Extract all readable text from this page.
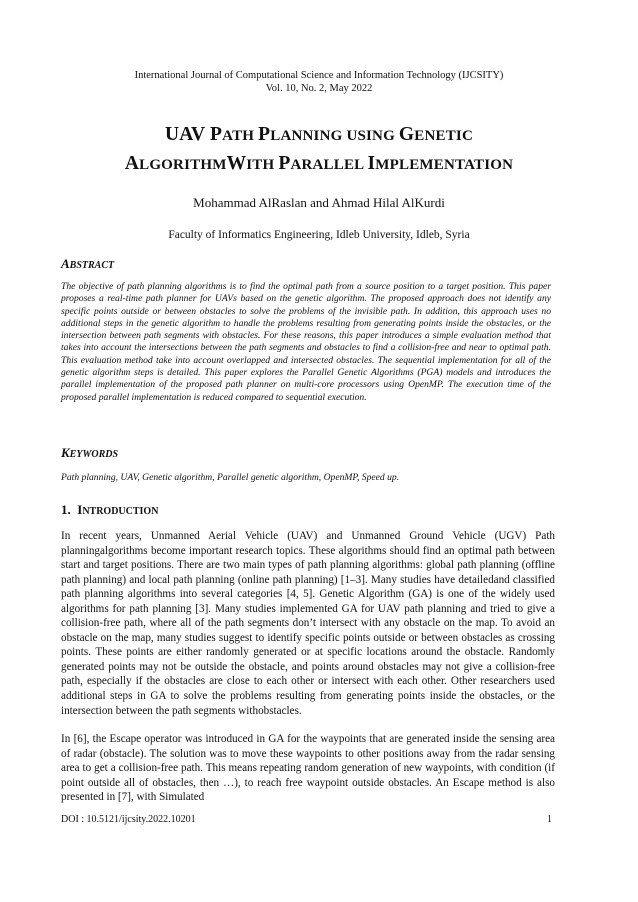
International Journal of Computational Science and Information Technology (IJCSITY)
Vol. 10, No. 2, May 2022
UAV PATH PLANNING USING GENETIC
ALGORITHMWITH PARALLEL IMPLEMENTATION
Mohammad AlRaslan and Ahmad Hilal AlKurdi
Faculty of Informatics Engineering, Idleb University, Idleb, Syria
ABSTRACT
The objective of path planning algorithms is to find the optimal path from a source position to a target position. This paper proposes a real-time path planner for UAVs based on the genetic algorithm. The proposed approach does not identify any specific points outside or between obstacles to solve the problems of the invisible path. In addition, this approach uses no additional steps in the genetic algorithm to handle the problems resulting from generating points inside the obstacles, or the intersection between path segments with obstacles. For these reasons, this paper introduces a simple evaluation method that takes into account the intersections between the path segments and obstacles to find a collision-free and near to optimal path. This evaluation method take into account overlapped and intersected obstacles. The sequential implementation for all of the genetic algorithm steps is detailed. This paper explores the Parallel Genetic Algorithms (PGA) models and introduces the parallel implementation of the proposed path planner on multi-core processors using OpenMP. The execution time of the proposed parallel implementation is reduced compared to sequential execution.
KEYWORDS
Path planning, UAV, Genetic algorithm, Parallel genetic algorithm, OpenMP, Speed up.
1. INTRODUCTION
In recent years, Unmanned Aerial Vehicle (UAV) and Unmanned Ground Vehicle (UGV) Path planningalgorithms become important research topics. These algorithms should find an optimal path between start and target positions. There are two main types of path planning algorithms: global path planning (offline path planning) and local path planning (online path planning) [1–3]. Many studies have detailedand classified path planning algorithms into several categories [4, 5]. Genetic Algorithm (GA) is one of the widely used algorithms for path planning [3]. Many studies implemented GA for UAV path planning and tried to give a collision-free path, where all of the path segments don’t intersect with any obstacle on the map. To avoid an obstacle on the map, many studies suggest to identify specific points outside or between obstacles as crossing points. These points are either randomly generated or at specific locations around the obstacle. Randomly generated points may not be outside the obstacle, and points around obstacles may not give a collision-free path, especially if the obstacles are close to each other or intersect with each other. Other researchers used additional steps in GA to solve the problems resulting from generating points inside the obstacles, or the intersection between the path segments withobstacles.
In [6], the Escape operator was introduced in GA for the waypoints that are generated inside the sensing area of radar (obstacle). The solution was to move these waypoints to other positions away from the radar sensing area to get a collision-free path. This means repeating random generation of new waypoints, with condition (if point outside all of obstacles, then …), to reach free waypoint outside obstacles. An Escape method is also presented in [7], with Simulated
DOI : 10.5121/ijcsity.2022.10201	1
